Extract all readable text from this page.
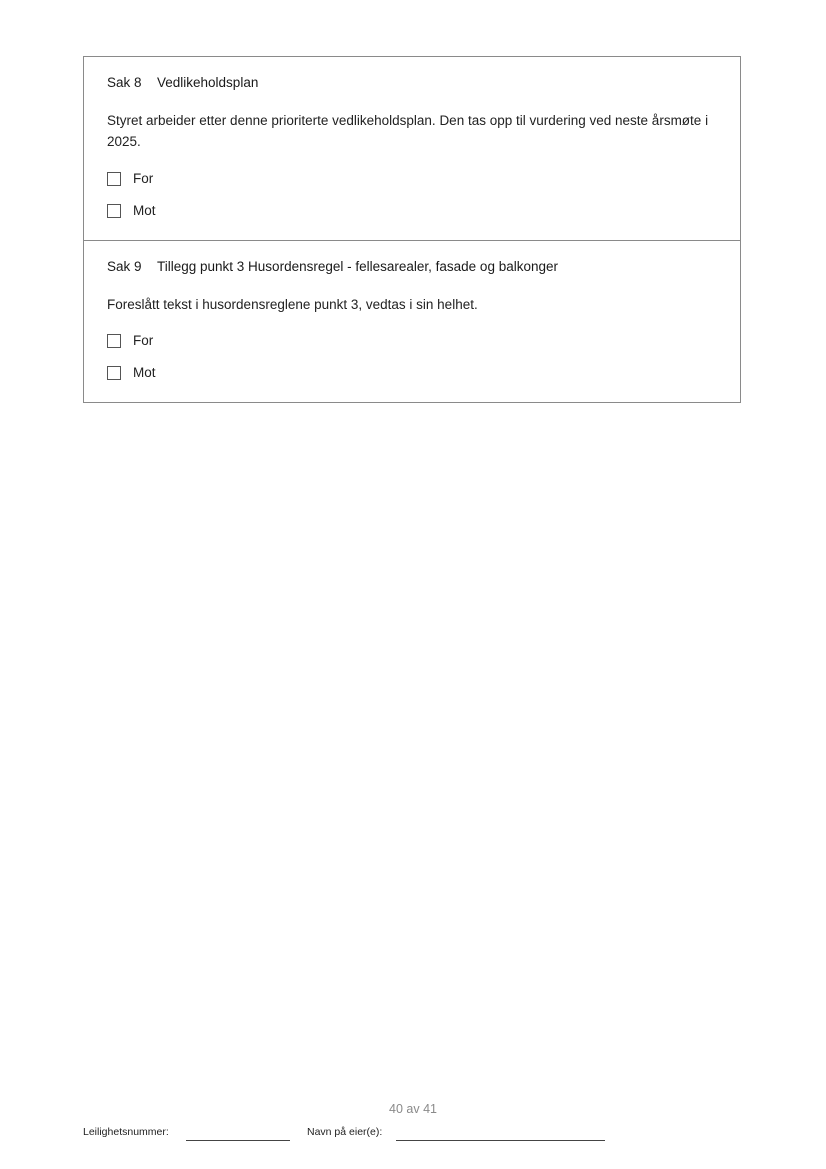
Sak 8 Vedlikeholdsplan
Styret arbeider etter denne prioriterte vedlikeholdsplan. Den tas opp til vurdering ved neste årsmøte i 2025.
For
Mot
Sak 9 Tillegg punkt 3 Husordensregel - fellesarealer, fasade og balkonger
Foreslått tekst i husordensreglene punkt 3, vedtas i sin helhet.
For
Mot
40 av 41
Leilighetsnummer:	Navn på eier(e):
